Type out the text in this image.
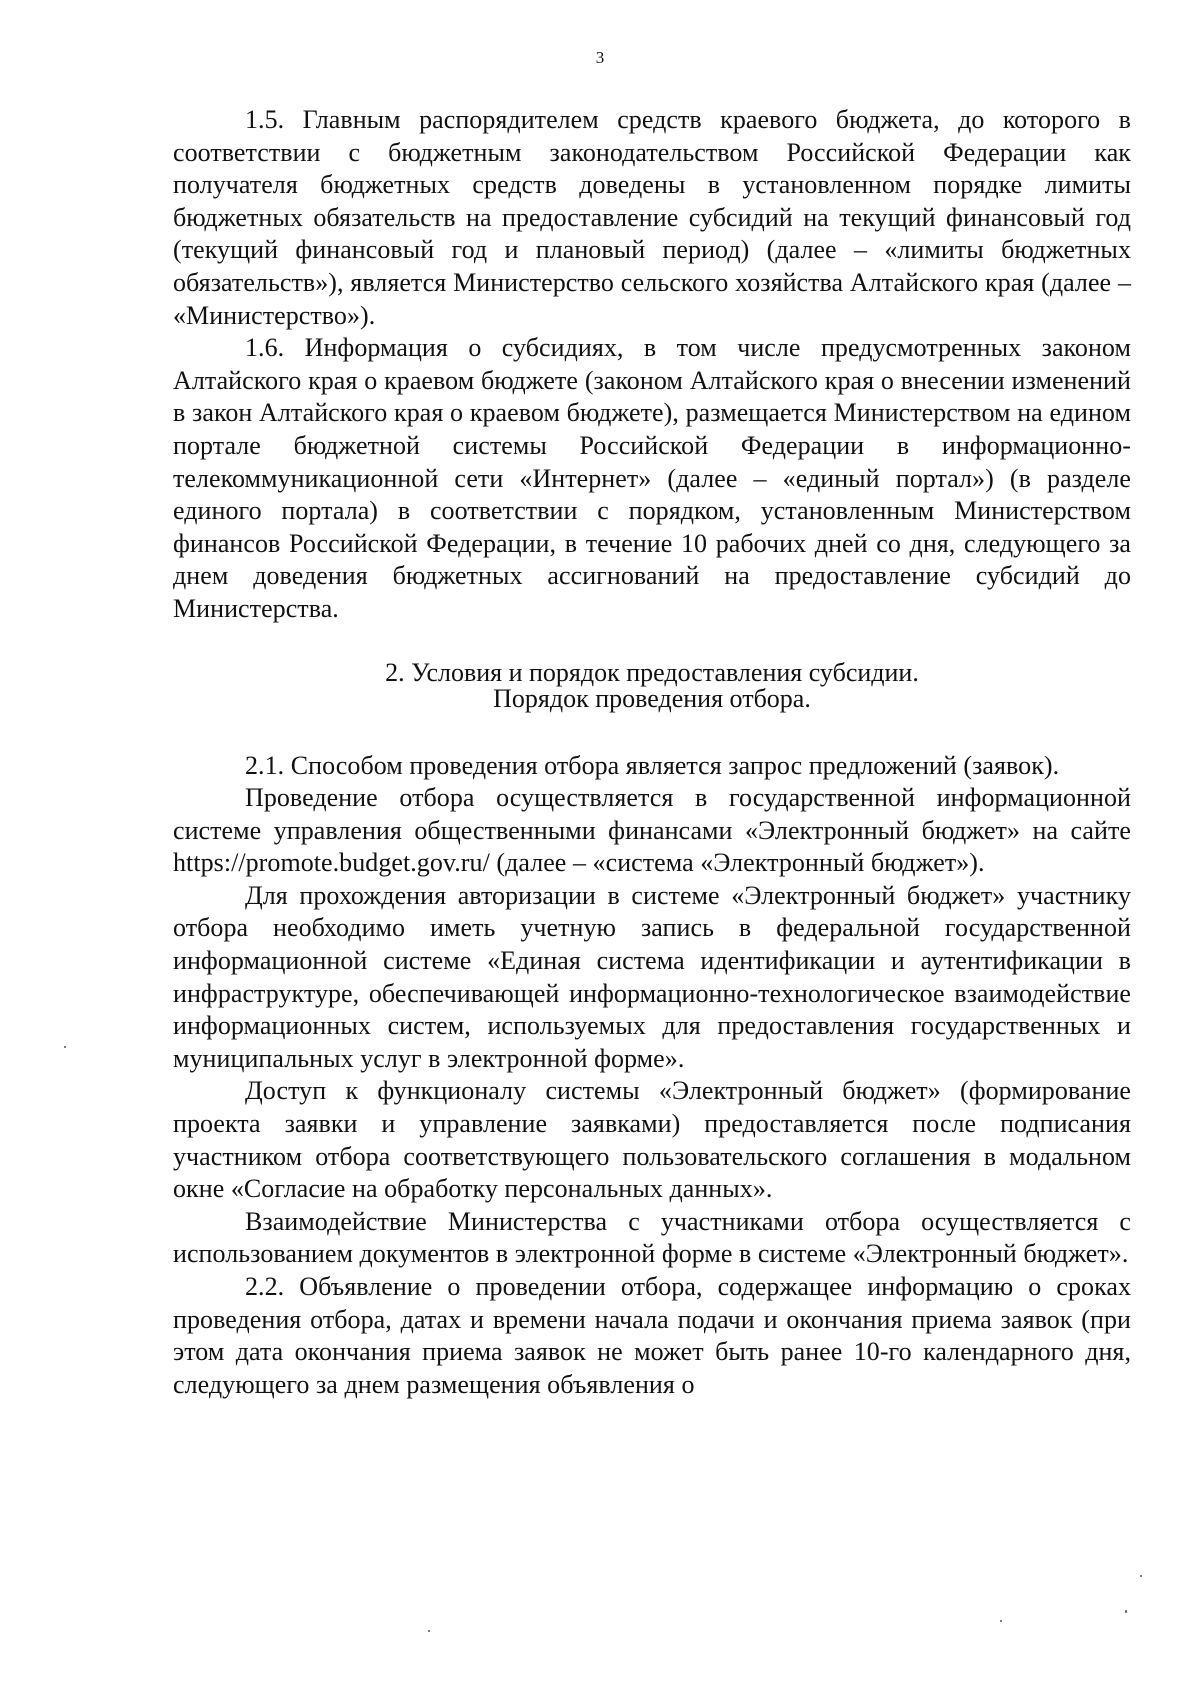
3

1.5. Главным распорядителем средств краевого бюджета, до которого в соответствии с бюджетным законодательством Российской Федерации как получателя бюджетных средств доведены в установленном порядке лимиты бюджетных обязательств на предоставление субсидий на текущий финансовый год (текущий финансовый год и плановый период) (далее – «лимиты бюджетных обязательств»), является Министерство сельского хозяйства Алтайского края (далее – «Министерство»).

1.6. Информация о субсидиях, в том числе предусмотренных законом Алтайского края о краевом бюджете (законом Алтайского края о внесении изменений в закон Алтайского края о краевом бюджете), размещается Министерством на едином портале бюджетной системы Российской Федерации в информационно-телекоммуникационной сети «Интернет» (далее – «единый портал») (в разделе единого портала) в соответствии с порядком, установленным Министерством финансов Российской Федерации, в течение 10 рабочих дней со дня, следующего за днем доведения бюджетных ассигнований на предоставление субсидий до Министерства.

2. Условия и порядок предоставления субсидии.
Порядок проведения отбора.

2.1. Способом проведения отбора является запрос предложений (заявок).

Проведение отбора осуществляется в государственной информационной системе управления общественными финансами «Электронный бюджет» на сайте https://promote.budget.gov.ru/ (далее – «система «Электронный бюджет»).

Для прохождения авторизации в системе «Электронный бюджет» участнику отбора необходимо иметь учетную запись в федеральной государственной информационной системе «Единая система идентификации и аутентификации в инфраструктуре, обеспечивающей информационно-технологическое взаимодействие информационных систем, используемых для предоставления государственных и муниципальных услуг в электронной форме».

Доступ к функционалу системы «Электронный бюджет» (формирование проекта заявки и управление заявками) предоставляется после подписания участником отбора соответствующего пользовательского соглашения в модальном окне «Согласие на обработку персональных данных».

Взаимодействие Министерства с участниками отбора осуществляется с использованием документов в электронной форме в системе «Электронный бюджет».

2.2. Объявление о проведении отбора, содержащее информацию о сроках проведения отбора, датах и времени начала подачи и окончания приема заявок (при этом дата окончания приема заявок не может быть ранее 10-го календарного дня, следующего за днем размещения объявления о
